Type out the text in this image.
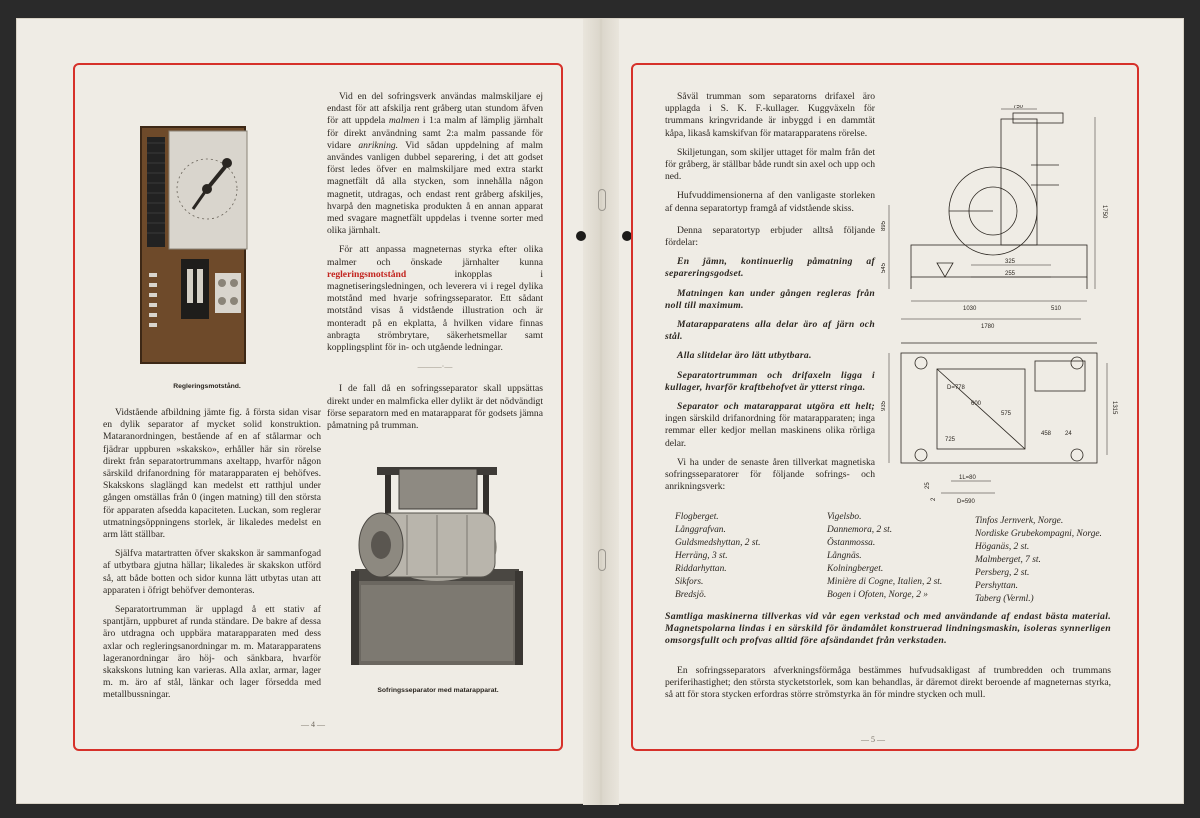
Regleringsmotstånd.

Vidstående afbildning jämte fig. å första sidan visar en dylik separator af mycket solid konstruktion. Mataranordningen, bestående af en af stålarmar och fjädrar uppburen »skaksko», erhåller här sin rörelse direkt från separatortrummans axeltapp, hvarför någon särskild drifanordning för matarapparaten ej behöfves. Skakskons slaglängd kan medelst ett ratthjul under gången omställas från 0 (ingen matning) till den största för apparaten afsedda kapaciteten. Luckan, som reglerar utmatningsöppningens storlek, är likaledes medelst en arm lätt ställbar.

Själfva matartratten öfver skakskon är sammanfogad af utbytbara gjutna hällar; likaledes är skakskon utförd så, att både botten och sidor kunna lätt utbytas utan att apparaten i öfrigt behöfver demonteras.

Separatortrumman är upplagd å ett stativ af spantjärn, uppburet af runda ständare. De bakre af dessa äro utdragna och uppbära matarapparaten med dess axlar och regleringsanordningar m. m. Matarapparatens lageranordningar äro höj- och sänkbara, hvarför skakskons lutning kan varieras. Alla axlar, armar, lager m. m. äro af stål, länkar och lager försedda med metallbussningar.

Vid en del sofringsverk användas malmskiljare ej endast för att afskilja rent gråberg utan stundom äfven för att uppdela malmen i 1:a malm af lämplig järnhalt för direkt användning samt 2:a malm passande för vidare anrikning. Vid sådan uppdelning af malm användes vanligen dubbel separering, i det att godset först ledes öfver en malmskiljare med extra starkt magnetfält då alla stycken, som innehålla någon magnetit, utdragas, och endast rent gråberg afskiljes, hvarpå den magnetiska produkten å en annan apparat med svagare magnetfält uppdelas i tvenne sorter med olika järnhalt.

För att anpassa magneternas styrka efter olika malmer och önskade järnhalter kunna regleringsmotstånd inkopplas i magnetiseringsledningen, och leverera vi i regel dylika motstånd med hvarje sofringsseparator. Ett sådant motstånd visas å vidstående illustration och är monteradt på en ekplatta, å hvilken vidare finnas anbragta strömbrytare, säkerhetsmellar samt kopplingsplint för in- och utgående ledningar.

———·—

I de fall då en sofringsseparator skall uppsättas direkt under en malmficka eller dylikt är det nödvändigt förse separatorn med en matarapparat för godsets jämna påmatning på trumman.

Sofringsseparator med matarapparat.
— 4 —

Såväl trumman som separatorns drifaxel äro upplagda i S. K. F.-kullager. Kuggväxeln för trummans kringvridande är inbyggd i en dammtät kåpa, likaså kamskifvan för matarapparatens rörelse.

Skiljetungan, som skiljer uttaget för malm från det för gråberg, är ställbar både rundt sin axel och upp och ned.

Hufvuddimensionerna af den vanligaste storleken af denna separatortyp framgå af vidstående skiss.

Denna separatortyp erbjuder alltså följande fördelar:

En jämn, kontinuerlig påmatning af separeringsgodset.

Matningen kan under gången regleras från noll till maximum.

Matarapparatens alla delar äro af järn och stål.

Alla slitdelar äro lätt utbytbara.

Separatortrumman och drifaxeln ligga i kullager, hvarför kraftbehofvet är ytterst ringa.

Separator och matarapparat utgöra ett helt; ingen särskild drifanordning för matarapparaten; inga remmar eller kedjor mellan maskinens olika rörliga delar.

Vi ha under de senaste åren tillverkat magnetiska sofringsseparatorer för följande sofrings- och anrikningsverk:

750
1750
895
545
325
255
1030	510
1780
935	600
575	1315
458 24
725
D=778
1L=80
D=590
25
2
Flogberget.
Långgrafvan.
Guldsmedshyttan, 2 st.
Herräng, 3 st.
Riddarhyttan.
Sikfors.
Bredsjö.
Vigelsbo.
Dannemora, 2 st.
Östanmossa.
Långnäs.
Kolningberget.
Minière di Cogne, Italien, 2 st.
Bogen i Ofoten, Norge, 2 »
Tinfos Jernverk, Norge.
Nordiske Grubekompagni, Norge.
Höganäs, 2 st.
Malmberget, 7 st.
Persberg, 2 st.
Pershyttan.
Taberg (Verml.)
Samtliga maskinerna tillverkas vid vår egen verkstad och med användande af endast bästa material. Magnetspolarna lindas i en särskild för ändamålet konstruerad lindningsmaskin, isoleras synnerligen omsorgsfullt och profvas alltid före afsändandet från verkstaden.

En sofringsseparators afverkningsförmåga bestämmes hufvudsakligast af trumbredden och trummans periferihastighet; den största stycketstorlek, som kan behandlas, är däremot direkt beroende af magneternas styrka, så att för stora stycken erfordras större strömstyrka än för mindre stycken och mull.

— 5 —
